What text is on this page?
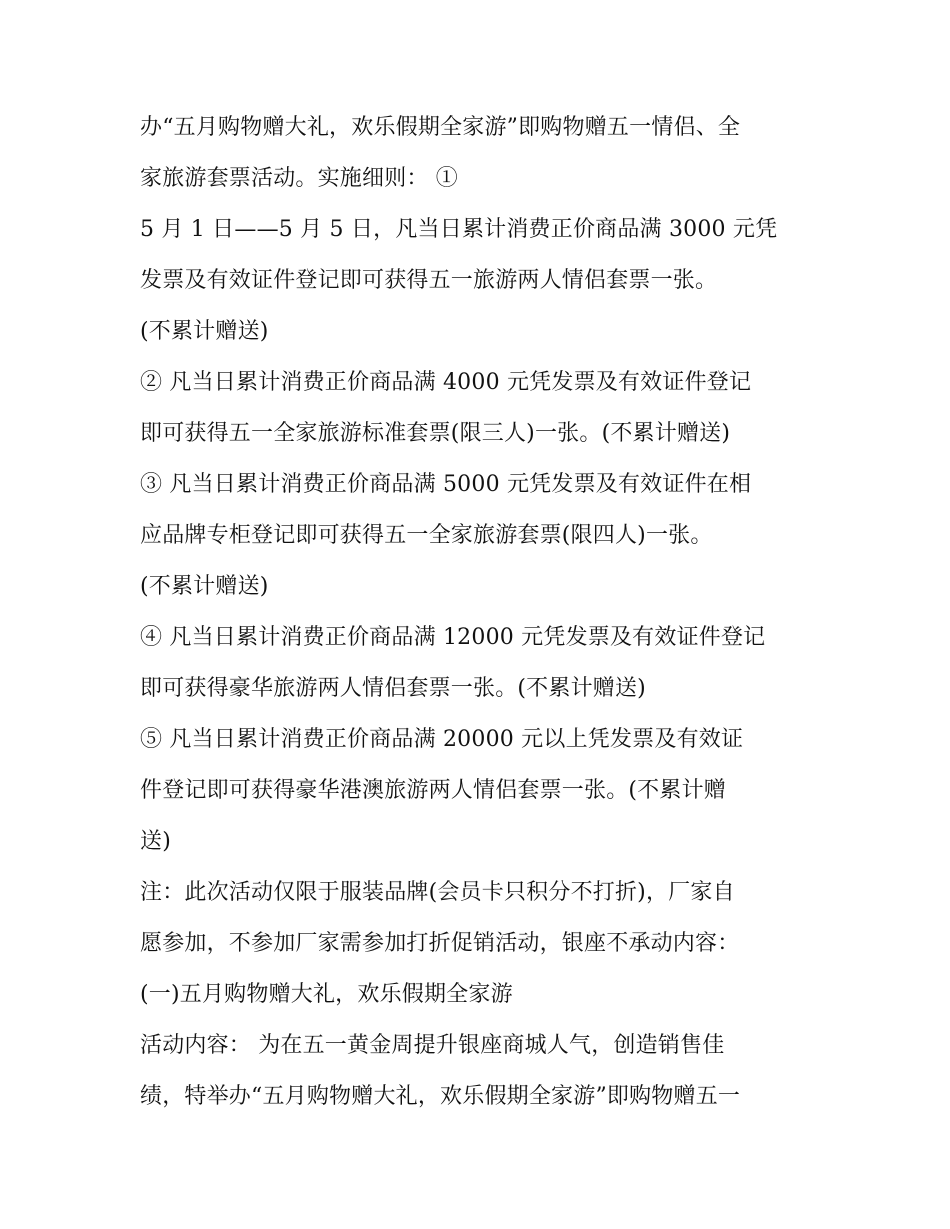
办“五月购物赠大礼，欢乐假期全家游”即购物赠五一情侣、全
家旅游套票活动。实施细则： ①
5 月 1 日——5 月 5 日，凡当日累计消费正价商品满 3000 元凭
发票及有效证件登记即可获得五一旅游两人情侣套票一张。
(不累计赠送)
② 凡当日累计消费正价商品满 4000 元凭发票及有效证件登记
即可获得五一全家旅游标准套票(限三人)一张。(不累计赠送)
③ 凡当日累计消费正价商品满 5000 元凭发票及有效证件在相
应品牌专柜登记即可获得五一全家旅游套票(限四人)一张。
(不累计赠送)
④ 凡当日累计消费正价商品满 12000 元凭发票及有效证件登记
即可获得豪华旅游两人情侣套票一张。(不累计赠送)
⑤ 凡当日累计消费正价商品满 20000 元以上凭发票及有效证
件登记即可获得豪华港澳旅游两人情侣套票一张。(不累计赠
送)
注：此次活动仅限于服装品牌(会员卡只积分不打折)，厂家自
愿参加，不参加厂家需参加打折促销活动，银座不承动内容：
(一)五月购物赠大礼，欢乐假期全家游
活动内容： 为在五一黄金周提升银座商城人气，创造销售佳
绩，特举办“五月购物赠大礼，欢乐假期全家游”即购物赠五一
